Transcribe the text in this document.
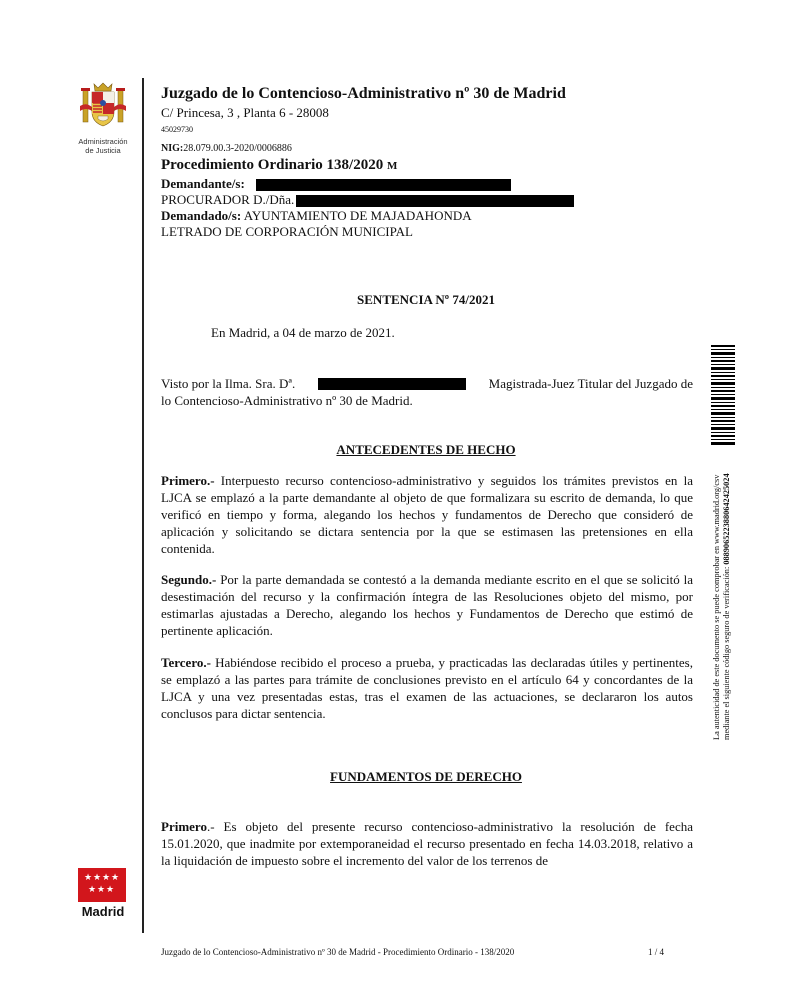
Administración
de Justicia
★ ★ ★ ★
★ ★ ★
Madrid
Juzgado de lo Contencioso-Administrativo nº 30 de Madrid
C/ Princesa, 3 , Planta 6 - 28008
45029730
NIG:28.079.00.3-2020/0006886
Procedimiento Ordinario 138/2020 M
Demandante/s:
PROCURADOR D./Dña.
Demandado/s: AYUNTAMIENTO DE MAJADAHONDA
LETRADO DE CORPORACIÓN MUNICIPAL
SENTENCIA Nº 74/2021
En Madrid, a 04 de marzo de 2021.
Visto por la Ilma. Sra. Dª.	Magistrada-Juez Titular del Juzgado de
lo Contencioso-Administrativo nº 30 de Madrid.
ANTECEDENTES DE HECHO
Primero.- Interpuesto recurso contencioso-administrativo y seguidos los trámites previstos en la LJCA se emplazó a la parte demandante al objeto de que formalizara su escrito de demanda, lo que verificó en tiempo y forma, alegando los hechos y fundamentos de Derecho que consideró de aplicación y solicitando se dictara sentencia por la que se estimasen las pretensiones en ella contenida.
Segundo.- Por la parte demandada se contestó a la demanda mediante escrito en el que se solicitó la desestimación del recurso y la confirmación íntegra de las Resoluciones objeto del mismo, por estimarlas ajustadas a Derecho, alegando los hechos y Fundamentos de Derecho que estimó de pertinente aplicación.
Tercero.- Habiéndose recibido el proceso a prueba, y practicadas las declaradas útiles y pertinentes, se emplazó a las partes para trámite de conclusiones previsto en el artículo 64 y concordantes de la LJCA y una vez presentadas estas, tras el examen de las actuaciones, se declararon los autos conclusos para dictar sentencia.
FUNDAMENTOS DE DERECHO
Primero.- Es objeto del presente recurso contencioso-administrativo la resolución de fecha 15.01.2020, que inadmite por extemporaneidad el recurso presentado en fecha 14.03.2018, relativo a la liquidación de impuesto sobre el incremento del valor de los terrenos de
La autenticidad de este documento se puede comprobar en www.madrid.org/csv mediante el siguiente código seguro de verificación: 0889065223880642425024
Juzgado de lo Contencioso-Administrativo nº 30 de Madrid - Procedimiento Ordinario - 138/2020	1 / 4
